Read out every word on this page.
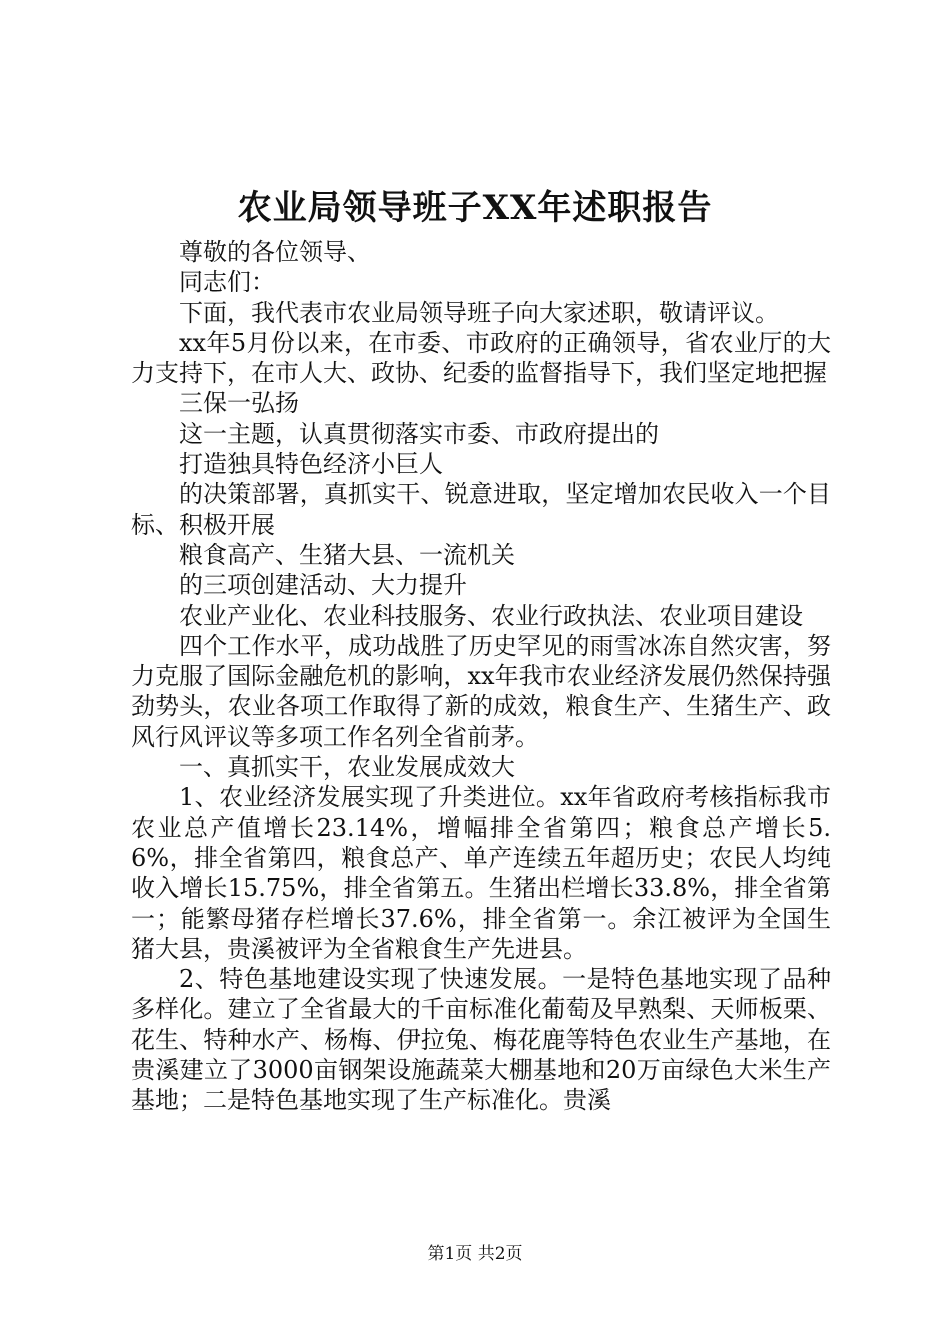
农业局领导班子XX年述职报告

尊敬的各位领导、

同志们：

下面，我代表市农业局领导班子向大家述职，敬请评议。

xx年5月份以来，在市委、市政府的正确领导，省农业厅的大力支持下，在市人大、政协、纪委的监督指导下，我们坚定地把握

三保一弘扬

这一主题，认真贯彻落实市委、市政府提出的

打造独具特色经济小巨人

的决策部署，真抓实干、锐意进取，坚定增加农民收入一个目标、积极开展

粮食高产、生猪大县、一流机关

的三项创建活动、大力提升

农业产业化、农业科技服务、农业行政执法、农业项目建设

四个工作水平，成功战胜了历史罕见的雨雪冰冻自然灾害，努力克服了国际金融危机的影响，xx年我市农业经济发展仍然保持强劲势头，农业各项工作取得了新的成效，粮食生产、生猪生产、政风行风评议等多项工作名列全省前茅。

一、真抓实干，农业发展成效大

1、农业经济发展实现了升类进位。xx年省政府考核指标我市农业总产值增长23.14%，增幅排全省第四；粮食总产增长5.6%，排全省第四，粮食总产、单产连续五年超历史；农民人均纯收入增长15.75%，排全省第五。生猪出栏增长33.8%，排全省第一；能繁母猪存栏增长37.6%，排全省第一。余江被评为全国生猪大县，贵溪被评为全省粮食生产先进县。

2、特色基地建设实现了快速发展。一是特色基地实现了品种多样化。建立了全省最大的千亩标准化葡萄及早熟梨、天师板栗、花生、特种水产、杨梅、伊拉兔、梅花鹿等特色农业生产基地，在贵溪建立了3000亩钢架设施蔬菜大棚基地和20万亩绿色大米生产基地；二是特色基地实现了生产标准化。贵溪

第1页 共2页
